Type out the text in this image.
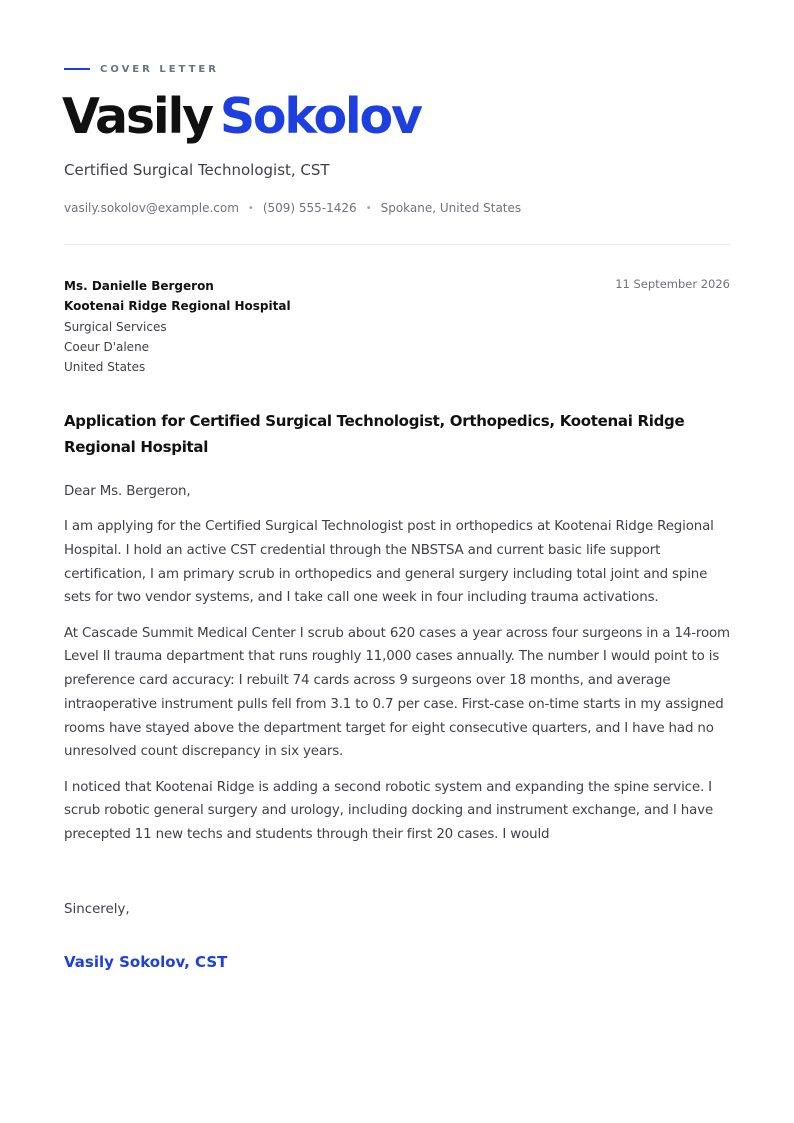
COVER LETTER
Vasily Sokolov
Certified Surgical Technologist, CST
vasily.sokolov@example.com • (509) 555-1426 • Spokane, United States
Ms. Danielle Bergeron
Kootenai Ridge Regional Hospital
Surgical Services
Coeur D'alene
United States
11 September 2026
Application for Certified Surgical Technologist, Orthopedics, Kootenai Ridge Regional Hospital

Dear Ms. Bergeron,

I am applying for the Certified Surgical Technologist post in orthopedics at Kootenai Ridge Regional Hospital. I hold an active CST credential through the NBSTSA and current basic life support certification, I am primary scrub in orthopedics and general surgery including total joint and spine sets for two vendor systems, and I take call one week in four including trauma activations.

At Cascade Summit Medical Center I scrub about 620 cases a year across four surgeons in a 14-room Level II trauma department that runs roughly 11,000 cases annually. The number I would point to is preference card accuracy: I rebuilt 74 cards across 9 surgeons over 18 months, and average intraoperative instrument pulls fell from 3.1 to 0.7 per case. First-case on-time starts in my assigned rooms have stayed above the department target for eight consecutive quarters, and I have had no unresolved count discrepancy in six years.

I noticed that Kootenai Ridge is adding a second robotic system and expanding the spine service. I scrub robotic general surgery and urology, including docking and instrument exchange, and I have precepted 11 new techs and students through their first 20 cases. I would

Sincerely,
Vasily Sokolov, CST
